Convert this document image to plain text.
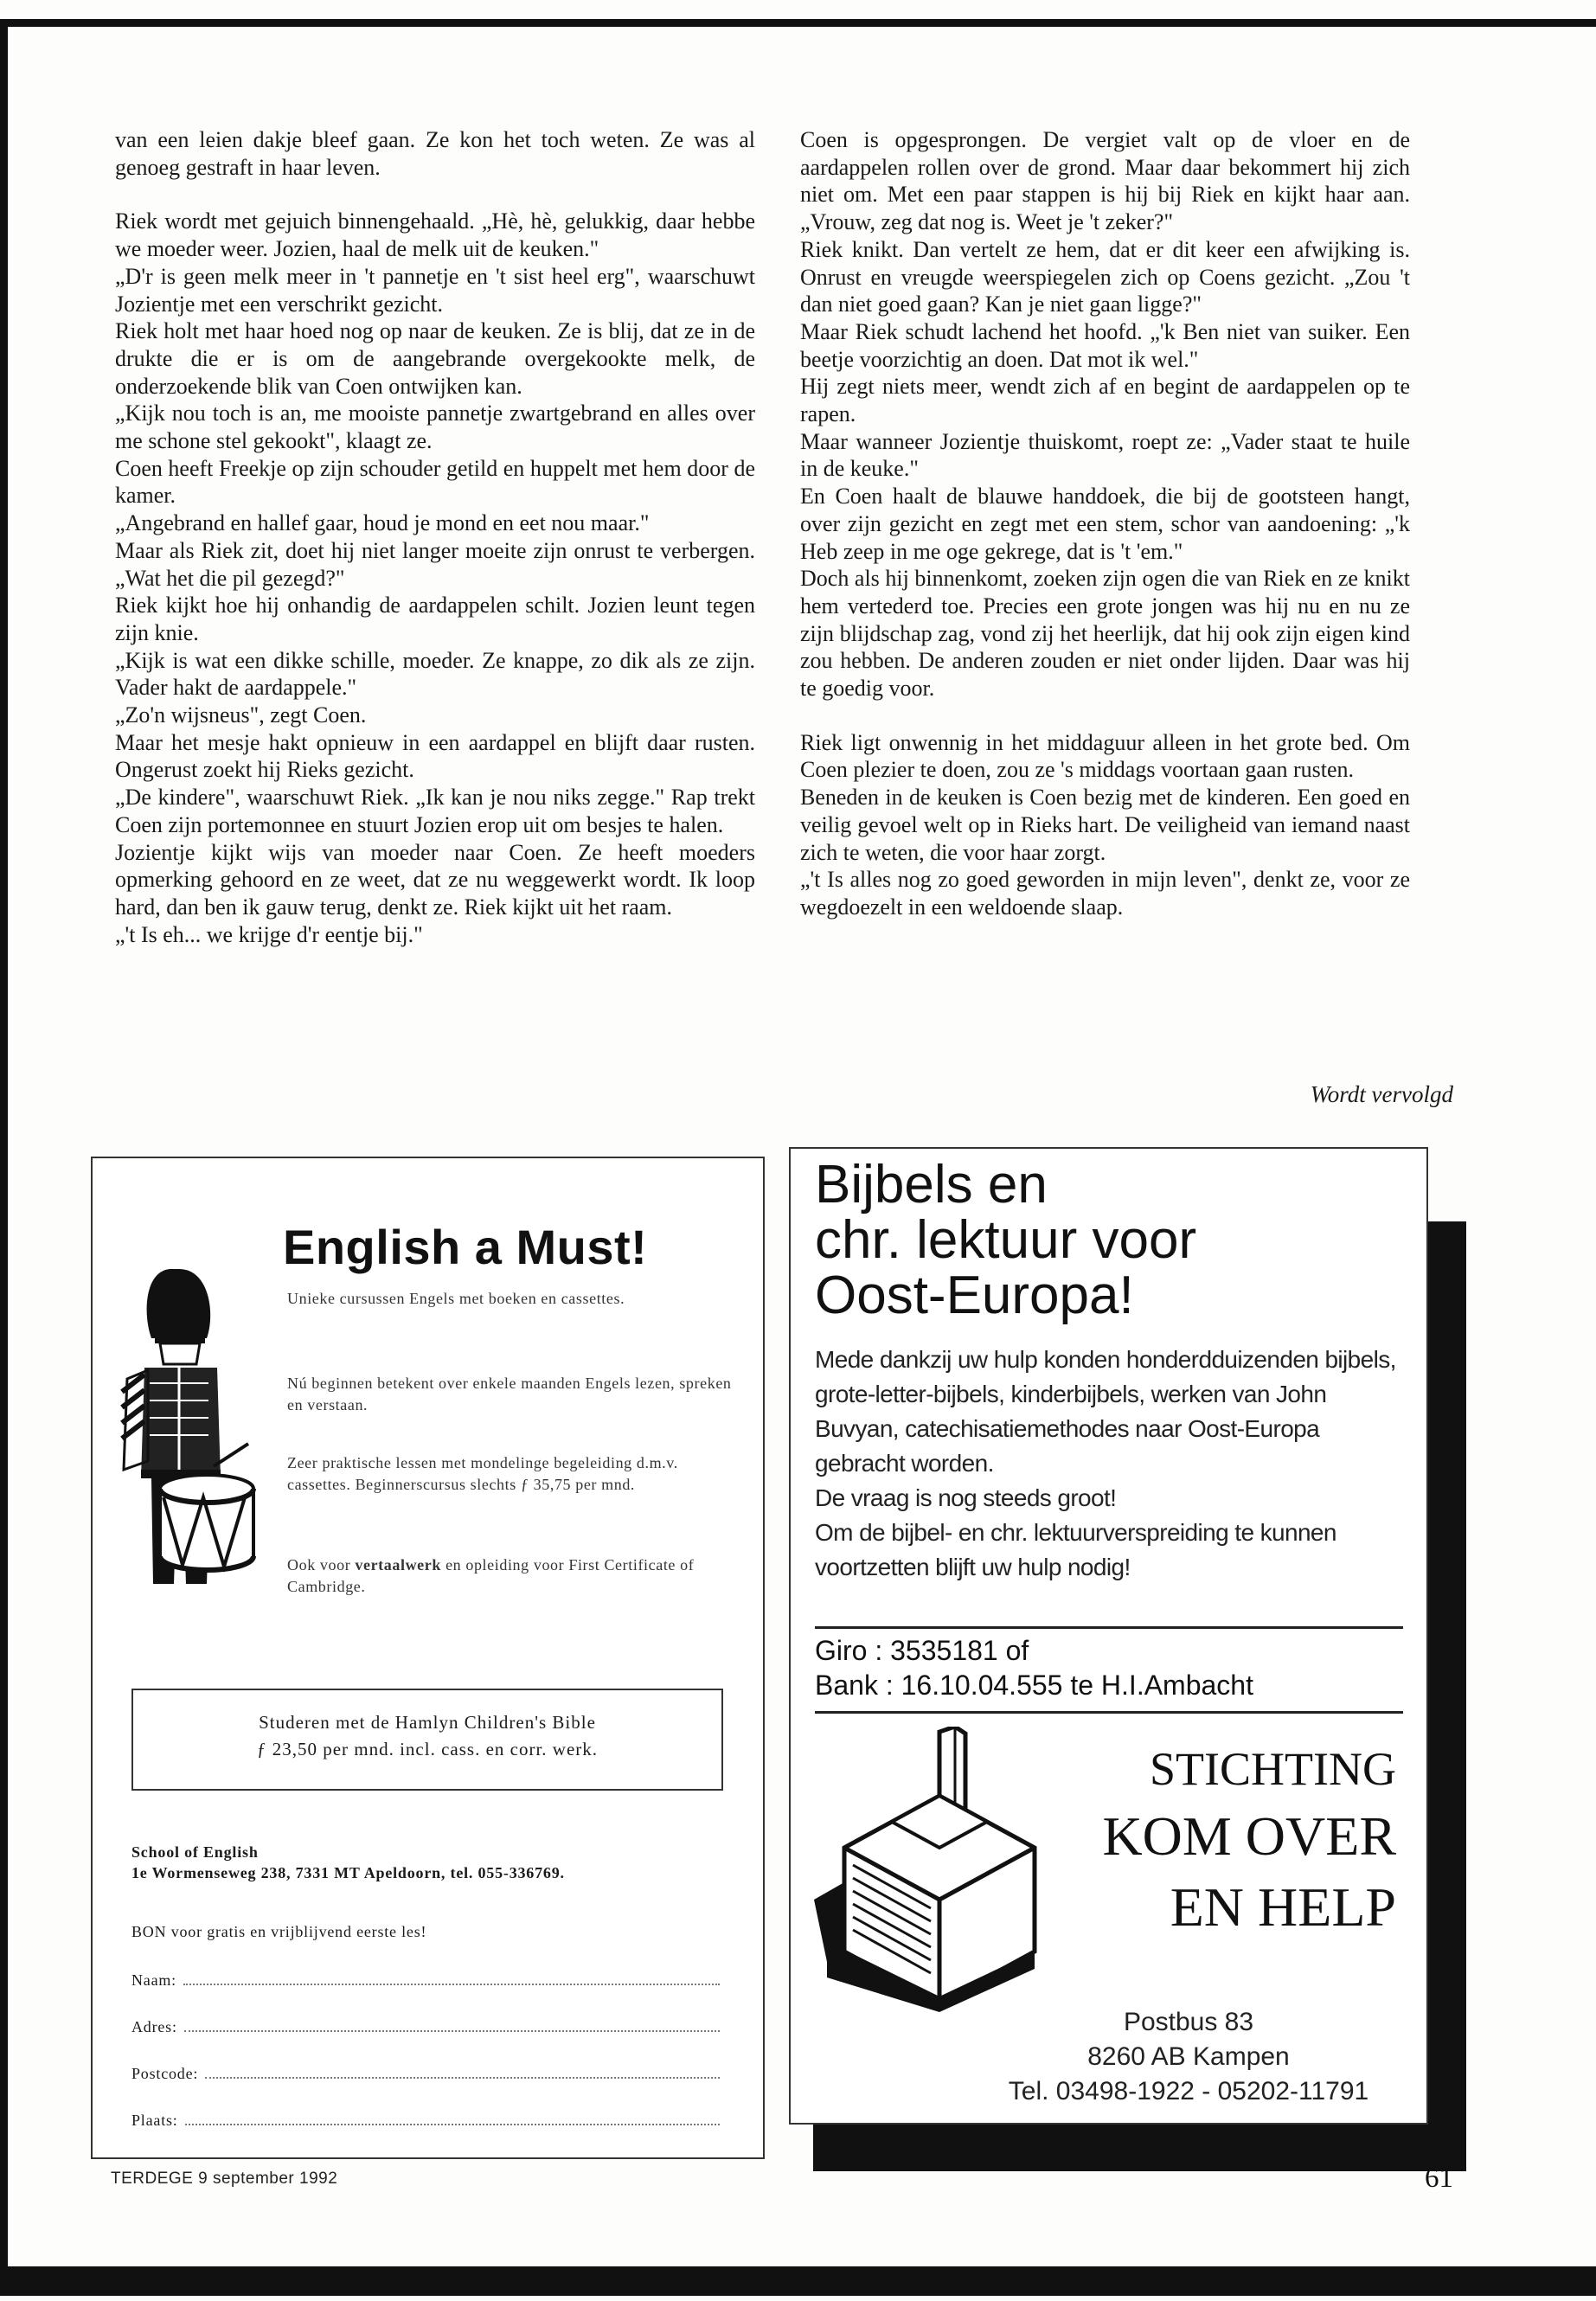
van een leien dakje bleef gaan. Ze kon het toch weten. Ze was al genoeg gestraft in haar leven.

Riek wordt met gejuich binnengehaald. „Hè, hè, gelukkig, daar hebbe we moeder weer. Jozien, haal de melk uit de keuken."

„D'r is geen melk meer in 't pannetje en 't sist heel erg", waarschuwt Jozientje met een verschrikt gezicht.

Riek holt met haar hoed nog op naar de keuken. Ze is blij, dat ze in de drukte die er is om de aangebrande overgekookte melk, de onderzoekende blik van Coen ontwijken kan.

„Kijk nou toch is an, me mooiste pannetje zwartgebrand en alles over me schone stel gekookt", klaagt ze.

Coen heeft Freekje op zijn schouder getild en huppelt met hem door de kamer.

„Angebrand en hallef gaar, houd je mond en eet nou maar."

Maar als Riek zit, doet hij niet langer moeite zijn onrust te verbergen. „Wat het die pil gezegd?"

Riek kijkt hoe hij onhandig de aardappelen schilt. Jozien leunt tegen zijn knie.

„Kijk is wat een dikke schille, moeder. Ze knappe, zo dik als ze zijn. Vader hakt de aardappele."

„Zo'n wijsneus", zegt Coen.

Maar het mesje hakt opnieuw in een aardappel en blijft daar rusten. Ongerust zoekt hij Rieks gezicht.

„De kindere", waarschuwt Riek. „Ik kan je nou niks zegge." Rap trekt Coen zijn portemonnee en stuurt Jozien erop uit om besjes te halen.

Jozientje kijkt wijs van moeder naar Coen. Ze heeft moeders opmerking gehoord en ze weet, dat ze nu weggewerkt wordt. Ik loop hard, dan ben ik gauw terug, denkt ze. Riek kijkt uit het raam.

„'t Is eh... we krijge d'r eentje bij."

Coen is opgesprongen. De vergiet valt op de vloer en de aardappelen rollen over de grond. Maar daar bekommert hij zich niet om. Met een paar stappen is hij bij Riek en kijkt haar aan. „Vrouw, zeg dat nog is. Weet je 't zeker?"

Riek knikt. Dan vertelt ze hem, dat er dit keer een afwijking is. Onrust en vreugde weerspiegelen zich op Coens gezicht. „Zou 't dan niet goed gaan? Kan je niet gaan ligge?"

Maar Riek schudt lachend het hoofd. „'k Ben niet van suiker. Een beetje voorzichtig an doen. Dat mot ik wel."

Hij zegt niets meer, wendt zich af en begint de aardappelen op te rapen.

Maar wanneer Jozientje thuiskomt, roept ze: „Vader staat te huile in de keuke."

En Coen haalt de blauwe handdoek, die bij de gootsteen hangt, over zijn gezicht en zegt met een stem, schor van aandoening: „'k Heb zeep in me oge gekrege, dat is 't 'em."

Doch als hij binnenkomt, zoeken zijn ogen die van Riek en ze knikt hem vertederd toe. Precies een grote jongen was hij nu en nu ze zijn blijdschap zag, vond zij het heerlijk, dat hij ook zijn eigen kind zou hebben. De anderen zouden er niet onder lijden. Daar was hij te goedig voor.

Riek ligt onwennig in het middaguur alleen in het grote bed. Om Coen plezier te doen, zou ze 's middags voortaan gaan rusten.

Beneden in de keuken is Coen bezig met de kinderen. Een goed en veilig gevoel welt op in Rieks hart. De veiligheid van iemand naast zich te weten, die voor haar zorgt.

„'t Is alles nog zo goed geworden in mijn leven", denkt ze, voor ze wegdoezelt in een weldoende slaap.

Wordt vervolgd
English a Must!
Unieke cursussen Engels met boeken en cassettes.
Nú beginnen betekent over enkele maanden Engels lezen, spreken en verstaan.
Zeer praktische lessen met mondelinge begeleiding d.m.v. cassettes. Beginnerscursus slechts ƒ 35,75 per mnd.
Ook voor vertaalwerk en opleiding voor First Certificate of Cambridge.
Studeren met de Hamlyn Children's Bible
ƒ 23,50 per mnd. incl. cass. en corr. werk.
School of English
1e Wormenseweg 238, 7331 MT Apeldoorn, tel. 055-336769.
BON voor gratis en vrijblijvend eerste les!
Naam:
Adres:
Postcode:
Plaats:
Bijbels en
chr. lektuur voor
Oost-Europa!
Mede dankzij uw hulp konden honderdduizenden bijbels, grote-letter-bijbels, kinderbijbels, werken van John Buvyan, catechisatiemethodes naar Oost-Europa gebracht worden.
De vraag is nog steeds groot!
Om de bijbel- en chr. lektuurverspreiding te kunnen voortzetten blijft uw hulp nodig!
Giro : 3535181 of
Bank : 16.10.04.555 te H.I.Ambacht
STICHTING
KOM OVER
EN HELP
Postbus 83
8260 AB Kampen
Tel. 03498-1922 - 05202-11791
TERDEGE 9 september 1992	61
